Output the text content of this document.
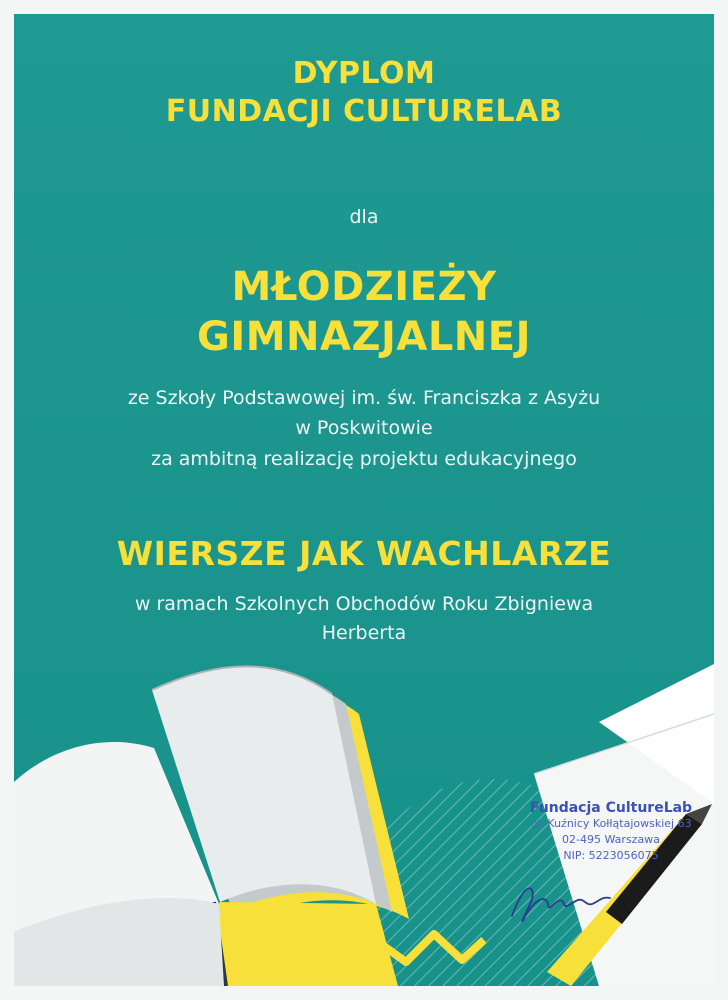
DYPLOM

FUNDACJI CULTURELAB

dla

MŁODZIEŻY

GIMNAZJALNEJ

ze Szkoły Podstawowej im. św. Franciszka z Asyżu

w Poskwitowie

za ambitną realizację projektu edukacyjnego

WIERSZE JAK WACHLARZE

w ramach Szkolnych Obchodów Roku Zbigniewa

Herberta

Fundacja CultureLab
ul. Kuźnicy Kołłątajowskiej 63
02-495 Warszawa
NIP: 5223056075
